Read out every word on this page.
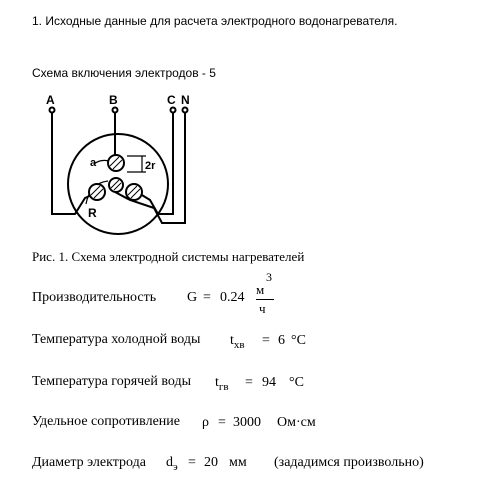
1. Исходные данные для расчета электродного водонагревателя.
Схема включения электродов - 5
A	B	C N
a	2r
R
Рис. 1. Схема электродной системы нагревателей
Производительность G = 0.24
м
3
ч
Температура холодной воды $t_{хв} = 6$ °C
Температура горячей воды $t_{гв} = 94$ °C
Удельное сопротивление ρ = 3000 Ом·см
Диаметр электрода $d_э = 20$ мм (зададимся произвольно)
